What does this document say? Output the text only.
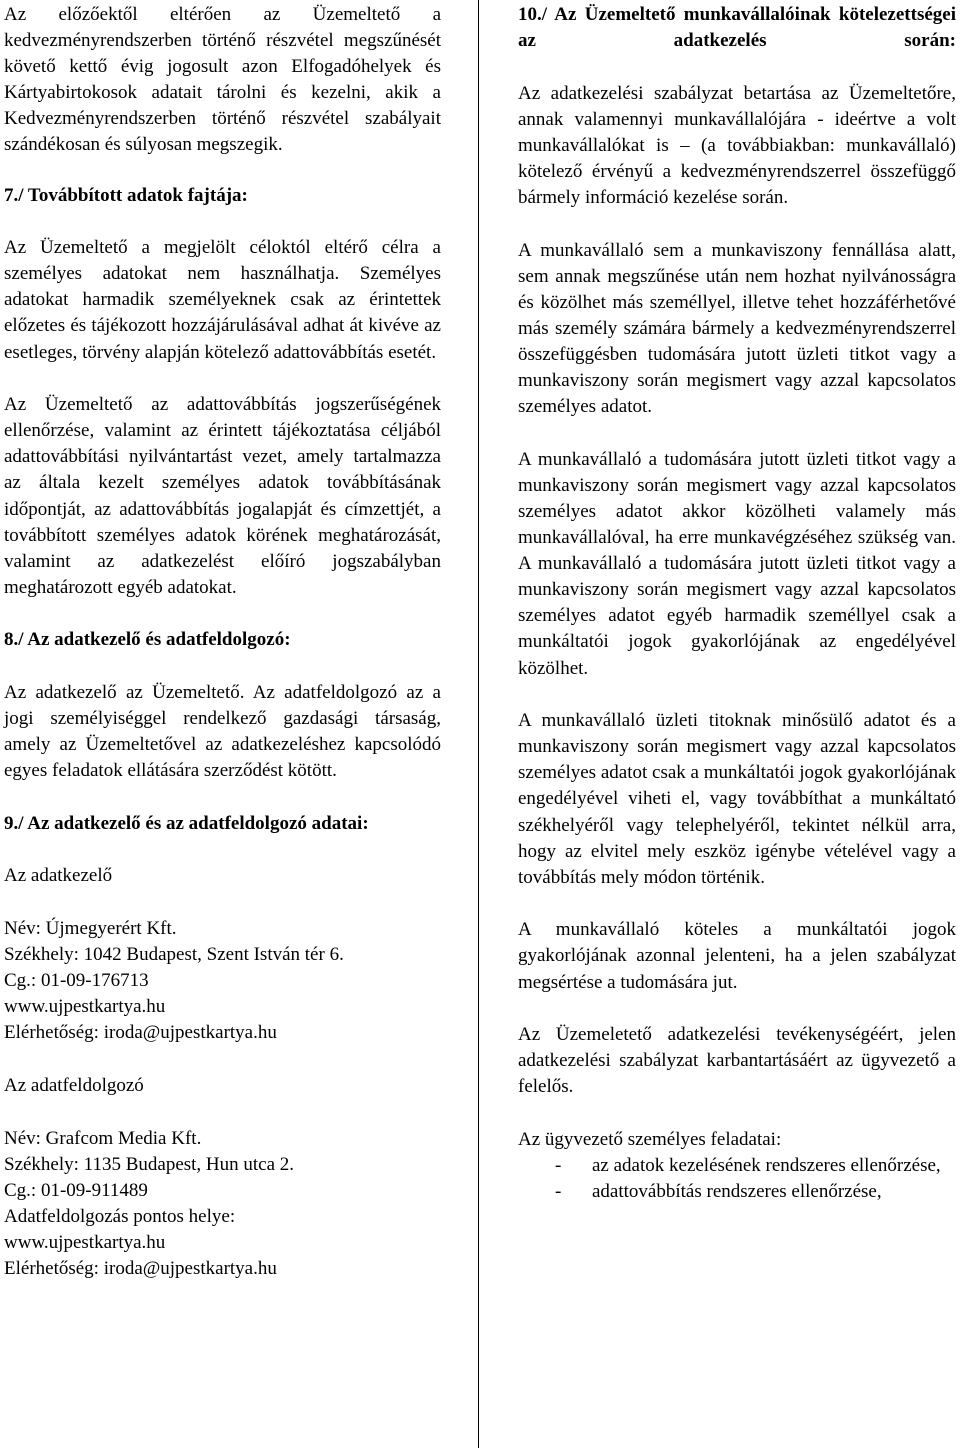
Az előzőektől eltérően az Üzemeltető a kedvezményrendszerben történő részvétel megszűnését követő kettő évig jogosult azon Elfogadóhelyek és Kártyabirtokosok adatait tárolni és kezelni, akik a Kedvezményrendszerben történő részvétel szabályait szándékosan és súlyosan megszegik.

7./ Továbbított adatok fajtája:

Az Üzemeltető a megjelölt céloktól eltérő célra a személyes adatokat nem használhatja. Személyes adatokat harmadik személyeknek csak az érintettek előzetes és tájékozott hozzájárulásával adhat át kivéve az esetleges, törvény alapján kötelező adattovábbítás esetét.

Az Üzemeltető az adattovábbítás jogszerűségének ellenőrzése, valamint az érintett tájékoztatása céljából adattovábbítási nyilvántartást vezet, amely tartalmazza az általa kezelt személyes adatok továbbításának időpontját, az adattovábbítás jogalapját és címzettjét, a továbbított személyes adatok körének meghatározását, valamint az adatkezelést előíró jogszabályban meghatározott egyéb adatokat.

8./ Az adatkezelő és adatfeldolgozó:

Az adatkezelő az Üzemeltető. Az adatfeldolgozó az a jogi személyiséggel rendelkező gazdasági társaság, amely az Üzemeltetővel az adatkezeléshez kapcsolódó egyes feladatok ellátására szerződést kötött.

9./ Az adatkezelő és az adatfeldolgozó adatai:

Az adatkezelő

Név: Újmegyerért Kft.

Székhely: 1042 Budapest, Szent István tér 6.

Cg.: 01-09-176713

www.ujpestkartya.hu

Elérhetőség: iroda@ujpestkartya.hu

Az adatfeldolgozó

Név: Grafcom Media Kft.

Székhely: 1135 Budapest, Hun utca 2.

Cg.: 01-09-911489

Adatfeldolgozás pontos helye:

www.ujpestkartya.hu

Elérhetőség: iroda@ujpestkartya.hu

10./ Az Üzemeltető munkavállalóinak kötelezettségei az adatkezelés során:

Az adatkezelési szabályzat betartása az Üzemeltetőre, annak valamennyi munkavállalójára - ideértve a volt munkavállalókat is – (a továbbiakban: munkavállaló) kötelező érvényű a kedvezményrendszerrel összefüggő bármely információ kezelése során.

A munkavállaló sem a munkaviszony fennállása alatt, sem annak megszűnése után nem hozhat nyilvánosságra és közölhet más személlyel, illetve tehet hozzáférhetővé más személy számára bármely a kedvezményrendszerrel összefüggésben tudomására jutott üzleti titkot vagy a munkaviszony során megismert vagy azzal kapcsolatos személyes adatot.

A munkavállaló a tudomására jutott üzleti titkot vagy a munkaviszony során megismert vagy azzal kapcsolatos személyes adatot akkor közölheti valamely más munkavállalóval, ha erre munkavégzéséhez szükség van. A munkavállaló a tudomására jutott üzleti titkot vagy a munkaviszony során megismert vagy azzal kapcsolatos személyes adatot egyéb harmadik személlyel csak a munkáltatói jogok gyakorlójának az engedélyével közölhet.

A munkavállaló üzleti titoknak minősülő adatot és a munkaviszony során megismert vagy azzal kapcsolatos személyes adatot csak a munkáltatói jogok gyakorlójának engedélyével viheti el, vagy továbbíthat a munkáltató székhelyéről vagy telephelyéről, tekintet nélkül arra, hogy az elvitel mely eszköz igénybe vételével vagy a továbbítás mely módon történik.

A munkavállaló köteles a munkáltatói jogok gyakorlójának azonnal jelenteni, ha a jelen szabályzat megsértése a tudomására jut.

Az Üzemeletető adatkezelési tevékenységéért, jelen adatkezelési szabályzat karbantartásáért az ügyvezető a felelős.

Az ügyvezető személyes feladatai:

- az adatok kezelésének rendszeres ellenőrzése,
- adattovábbítás rendszeres ellenőrzése,
